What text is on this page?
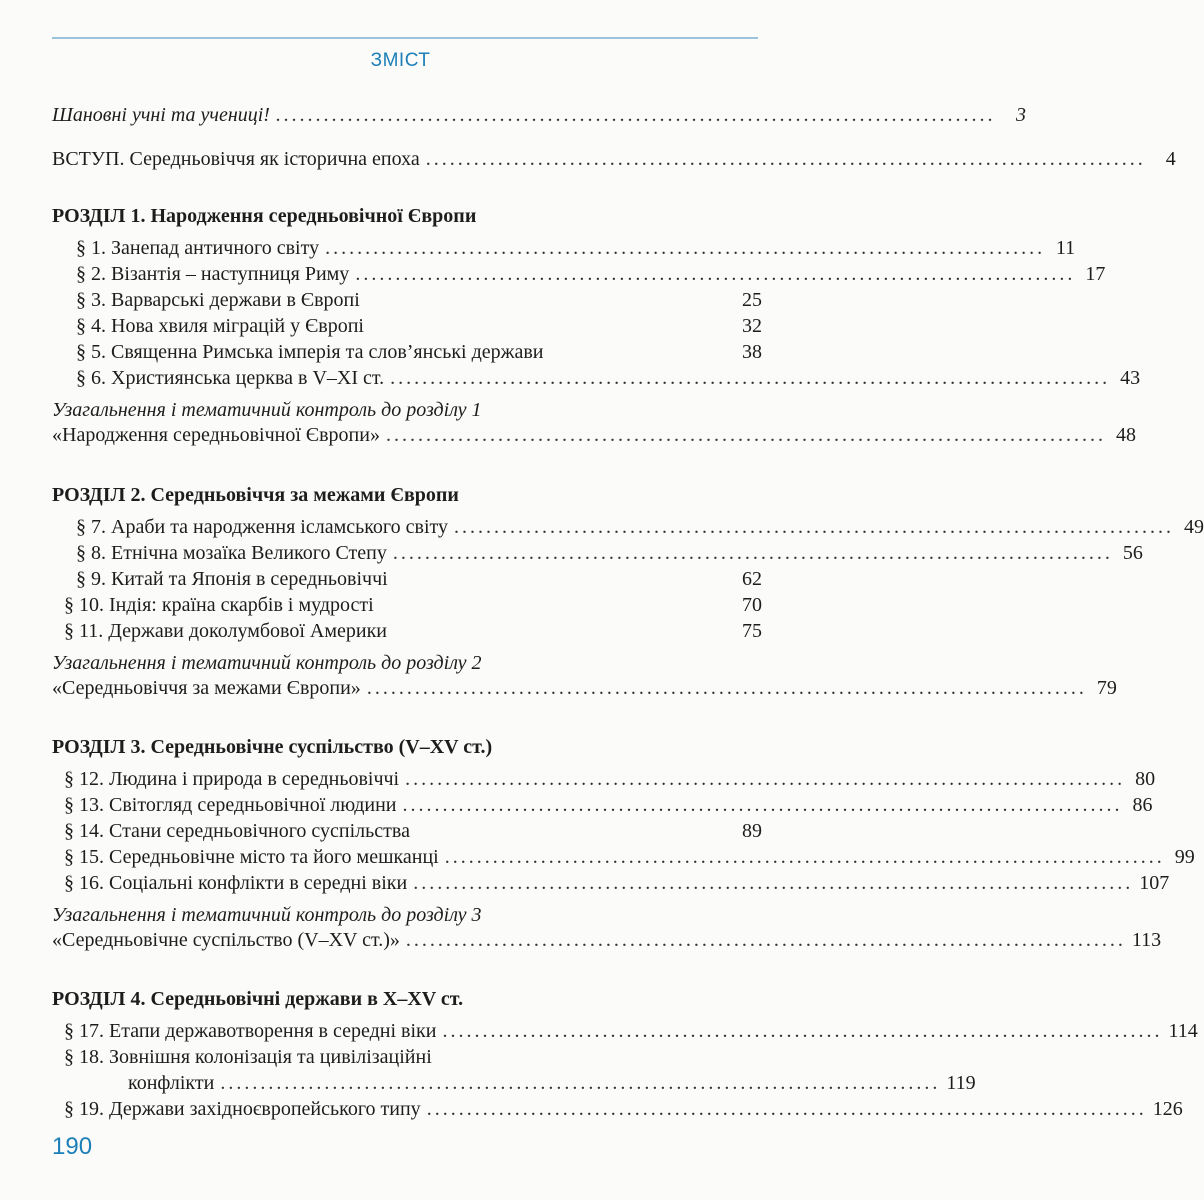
ЗМІСТ
Шановні учні та учениці! ..........................................................................................	3
ВСТУП. Середньовіччя як історична епоха ..........................................................................................	4
РОЗДІЛ 1. Народження середньовічної Європи
§ 1. Занепад античного світу .......................................................................................... 11
§ 2. Візантія – наступниця Риму .......................................................................................... 17
§ 3. Варварські держави в Європі	25
§ 4. Нова хвиля міграцій у Європі	32
§ 5. Священна Римська імперія та слов’янські держави	38
§ 6. Християнська церква в V–XI ст. .......................................................................................... 43
Узагальнення і тематичний контроль до розділу 1
«Народження середньовічної Європи» .......................................................................................... 48
РОЗДІЛ 2. Середньовіччя за межами Європи
§ 7. Араби та народження ісламського світу .......................................................................................... 49
§ 8. Етнічна мозаїка Великого Степу .......................................................................................... 56
§ 9. Китай та Японія в середньовіччі	62
§ 10. Індія: країна скарбів і мудрості	70
§ 11. Держави доколумбової Америки	75
Узагальнення і тематичний контроль до розділу 2
«Середньовіччя за межами Європи» .......................................................................................... 79
РОЗДІЛ 3. Середньовічне суспільство (V–XV ст.)
§ 12. Людина і природа в середньовіччі .......................................................................................... 80
§ 13. Світогляд середньовічної людини .......................................................................................... 86
§ 14. Стани середньовічного суспільства	89
§ 15. Середньовічне місто та його мешканці .......................................................................................... 99
§ 16. Соціальні конфлікти в середні віки .......................................................................................... 107
Узагальнення і тематичний контроль до розділу 3
«Середньовічне суспільство (V–XV ст.)» .......................................................................................... 113
РОЗДІЛ 4. Середньовічні держави в X–XV ст.
§ 17. Етапи державотворення в середні віки .......................................................................................... 114
§ 18. Зовнішня колонізація та цивілізаційні
конфлікти .......................................................................................... 119
§ 19. Держави західноєвропейського типу .......................................................................................... 126
190
